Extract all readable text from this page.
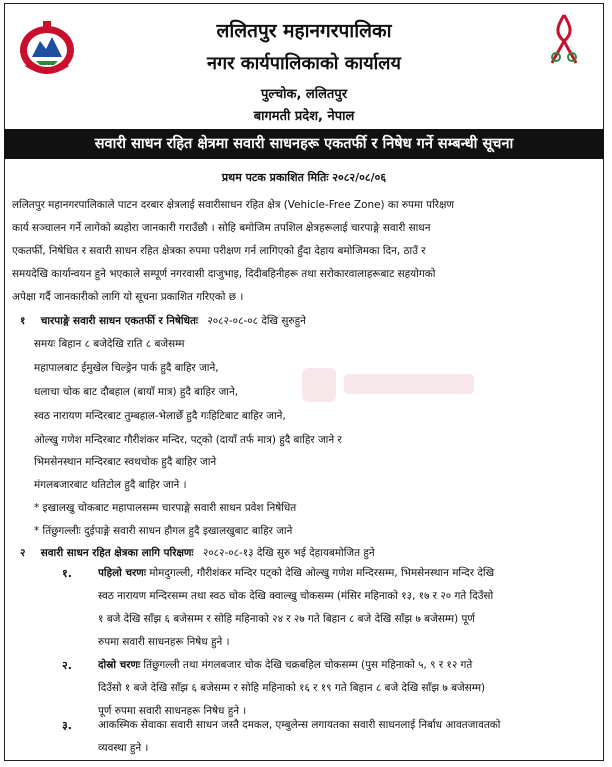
ललितपुर महानगरपालिका
नगर कार्यपालिकाको कार्यालय
पुल्चोक, ललितपुर
बागमती प्रदेश, नेपाल
सवारी साधन रहित क्षेत्रमा सवारी साधनहरू एकतर्फी र निषेध गर्ने सम्बन्धी सूचना
प्रथम पटक प्रकाशित मितिः २०८२/०८/०६
ललितपुर महानगरपालिकाले पाटन दरबार क्षेत्रलाई सवारीसाधन रहित क्षेत्र (Vehicle-Free Zone) का रुपमा परिक्षण
कार्य सञ्चालन गर्ने लागेको ब्यहोरा जानकारी गराउँछौ । सोहि बमोजिम तपशिल क्षेत्रहरूलाई चारपाङ्गे सवारी साधन
एकतर्फी, निषेधित र सवारी साधन रहित क्षेत्रका रुपमा परीक्षण गर्न लागिएको हुँदा देहाय बमोजिमका दिन, ठाउँ र
समयदेखि कार्यान्वयन हुने भएकाले सम्पूर्ण नगरवासी दाजुभाइ, दिदीबहिनीहरू तथा सरोकारवालाहरूबाट सहयोगको
अपेक्षा गर्दै जानकारीको लागि यो सूचना प्रकाशित गरिएको छ ।
१ चारपाङ्गे सवारी साधन एकतर्फी र निषेधितः २०८२-०८-०८ देखि सुरुहुने
समयः बिहान ८ बजेदेखि राति ८ बजेसम्म
महापालबाट ईमुखेल चिल्ड्रेन पार्क हुदै बाहिर जाने,
धलाचा चोक बाट दौबहाल (बायाँ मात्र) हुदै बाहिर जाने,
स्वठ नारायण मन्दिरबाट तुम्बहाल-भेलाछेँ हुदै गःहिटिबाट बाहिर जाने,
ओल्खु गणेश मन्दिरबाट गौरीशंकर मन्दिर, पट्को (दायाँ तर्फ मात्र) हुदै बाहिर जाने र
भिमसेनस्थान मन्दिरबाट स्वथचोक हुदै बाहिर जाने
मंगलबजारबाट थतिटोल हुदै बाहिर जाने ।
* इखालखु चोकबाट महापालसम्म चारपाङ्गे सवारी साधन प्रवेश निषेधित
* तिंछुगल्लीः दुईपाङ्गे सवारी साधन हौगल हुदै इखालखुबाट बाहिर जाने
२ सवारी साधन रहित क्षेत्रका लागि परिक्षणः २०८२-०८-१३ देखि सुरु भई देहायबमोजित हुने
१.	पहिलो चरणः मोमदुगल्ली, गौरीशंकर मन्दिर पट्को देखि ओल्खु गणेश मन्दिरसम्म, भिमसेनस्थान मन्दिर देखि
स्वठ नारायण मन्दिरसम्म तथा स्वठ चोक देखि क्वाल्खु चोकसम्म (मंसिर महिनाको १३, १७ र २० गते दिउँसो
१ बजे देखि साँझ ६ बजेसम्म र सोहि महिनाको २४ र २७ गते बिहान ८ बजे देखि साँझ ७ बजेसम्म) पूर्ण
रुपमा सवारी साधनहरू निषेध हुने ।
२.	दोस्रो चरणः तिंछुगल्ली तथा मंगलबजार चोक देखि चक्रबहिल चोकसम्म (पुस महिनाको ५, ९ र १२ गते
दिउँसो १ बजे देखि साँझ ६ बजेसम्म र सोहि महिनाको १६ र १९ गते बिहान ८ बजे देखि साँझ ७ बजेसम्म)
पूर्ण रुपमा सवारी साधनहरू निषेध हुने ।
३.	आकस्मिक सेवाका सवारी साधन जस्तै दमकल, एम्बुलेन्स लगायतका सवारी साधनलाई निर्बाध आवतजावतको
व्यवस्था हुने ।
